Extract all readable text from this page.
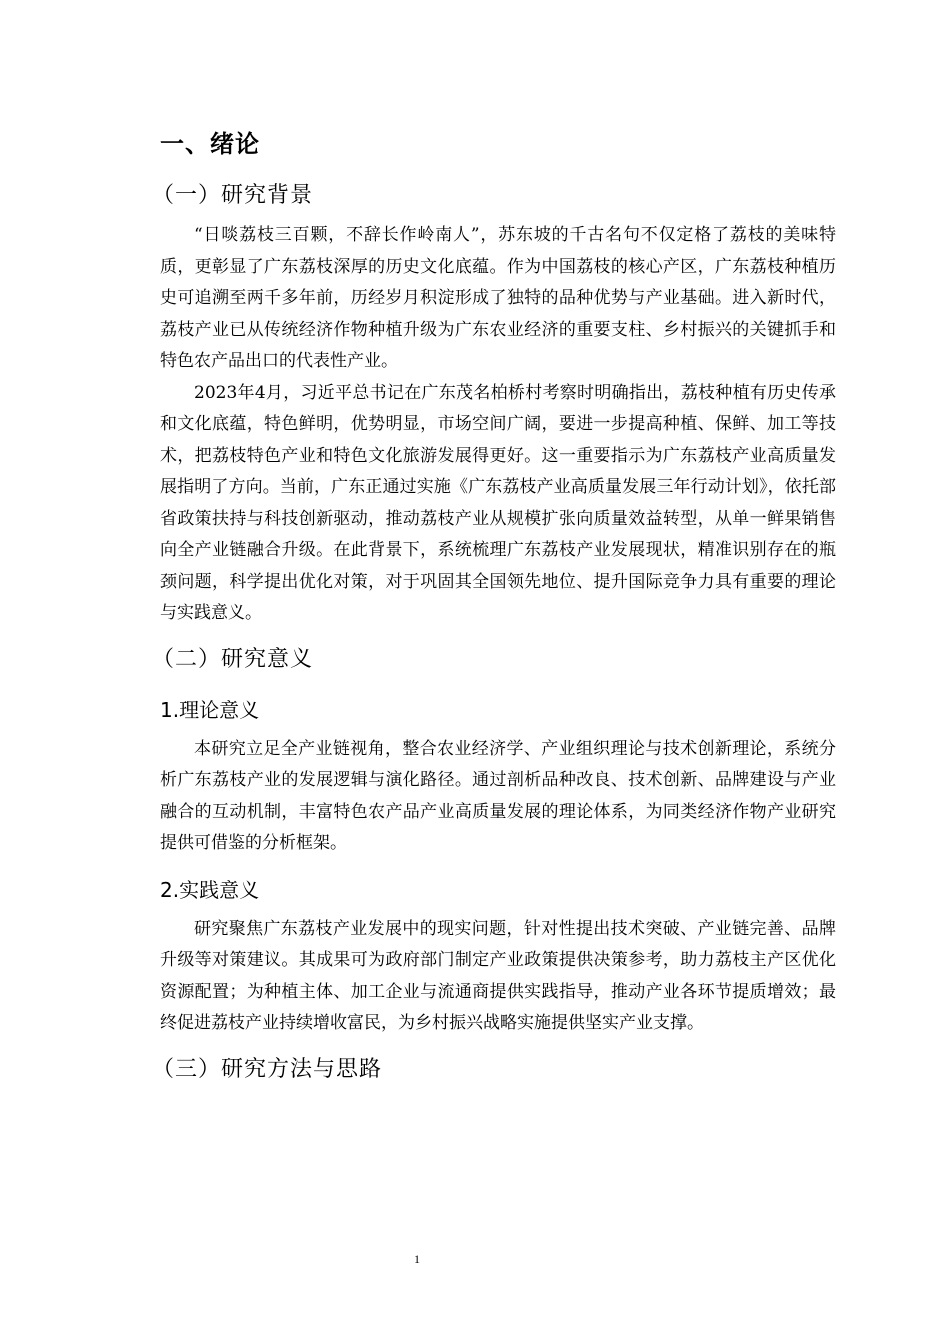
一、绪论
（一）研究背景

“日啖荔枝三百颗，不辞长作岭南人”，苏东坡的千古名句不仅定格了荔枝的美味特质，更彰显了广东荔枝深厚的历史文化底蕴。作为中国荔枝的核心产区，广东荔枝种植历史可追溯至两千多年前，历经岁月积淀形成了独特的品种优势与产业基础。进入新时代，荔枝产业已从传统经济作物种植升级为广东农业经济的重要支柱、乡村振兴的关键抓手和特色农产品出口的代表性产业。

2023年4月，习近平总书记在广东茂名柏桥村考察时明确指出，荔枝种植有历史传承和文化底蕴，特色鲜明，优势明显，市场空间广阔，要进一步提高种植、保鲜、加工等技术，把荔枝特色产业和特色文化旅游发展得更好。这一重要指示为广东荔枝产业高质量发展指明了方向。当前，广东正通过实施《广东荔枝产业高质量发展三年行动计划》，依托部省政策扶持与科技创新驱动，推动荔枝产业从规模扩张向质量效益转型，从单一鲜果销售向全产业链融合升级。在此背景下，系统梳理广东荔枝产业发展现状，精准识别存在的瓶颈问题，科学提出优化对策，对于巩固其全国领先地位、提升国际竞争力具有重要的理论与实践意义。

（二）研究意义
1.理论意义

本研究立足全产业链视角，整合农业经济学、产业组织理论与技术创新理论，系统分析广东荔枝产业的发展逻辑与演化路径。通过剖析品种改良、技术创新、品牌建设与产业融合的互动机制，丰富特色农产品产业高质量发展的理论体系，为同类经济作物产业研究提供可借鉴的分析框架。

2.实践意义

研究聚焦广东荔枝产业发展中的现实问题，针对性提出技术突破、产业链完善、品牌升级等对策建议。其成果可为政府部门制定产业政策提供决策参考，助力荔枝主产区优化资源配置；为种植主体、加工企业与流通商提供实践指导，推动产业各环节提质增效；最终促进荔枝产业持续增收富民，为乡村振兴战略实施提供坚实产业支撑。

（三）研究方法与思路
1
